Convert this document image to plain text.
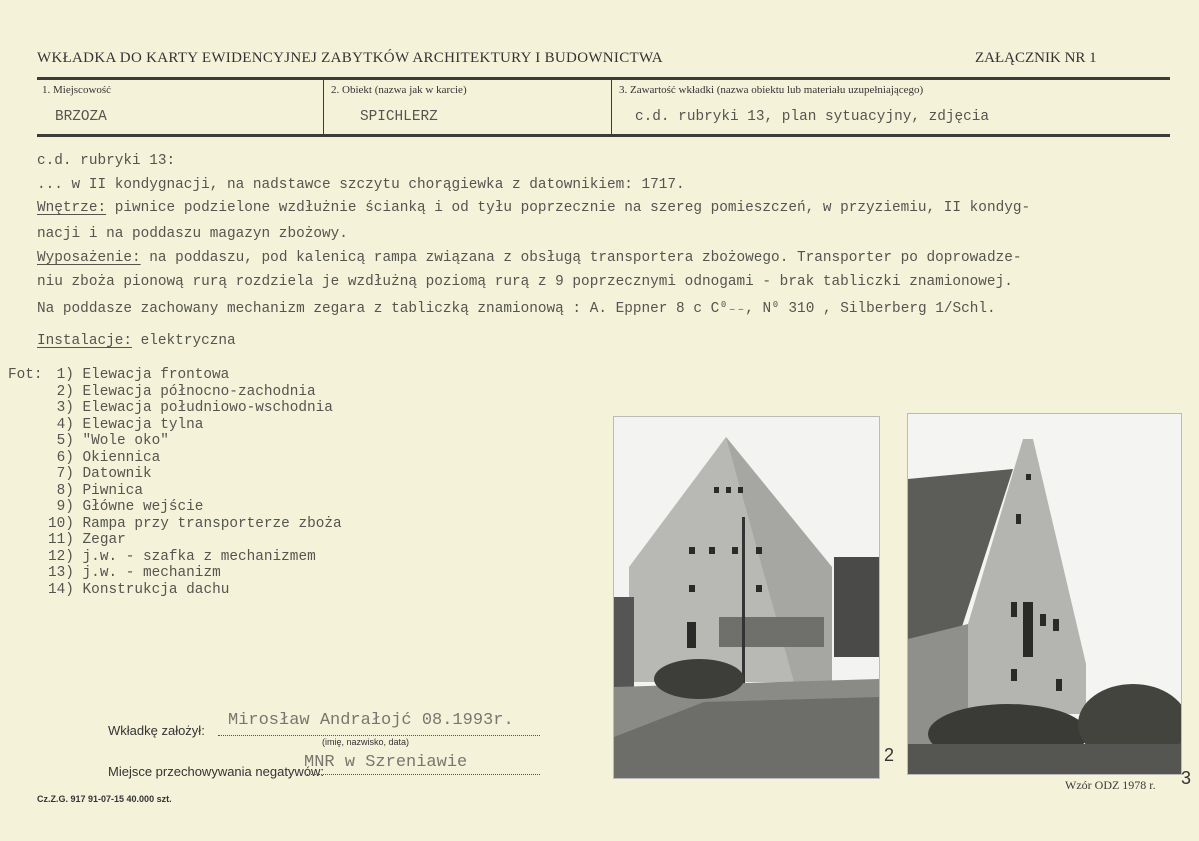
WKŁADKA DO KARTY EWIDENCYJNEJ ZABYTKÓW ARCHITEKTURY I BUDOWNICTWA	ZAŁĄCZNIK NR 1
1. Miejscowość
BRZOZA
2. Obiekt (nazwa jak w karcie)
SPICHLERZ
3. Zawartość wkładki (nazwa obiektu lub materiału uzupełniającego)
c.d. rubryki 13, plan sytuacyjny, zdjęcia
c.d. rubryki 13:
... w II kondygnacji, na nadstawce szczytu chorągiewka z datownikiem: 1717.
Wnętrze: piwnice podzielone wzdłużnie ścianką i od tyłu poprzecznie na szereg pomieszczeń, w przyziemiu, II kondyg-
nacji i na poddaszu magazyn zbożowy.
Wyposażenie: na poddaszu, pod kalenicą rampa związana z obsługą transportera zbożowego. Transporter po doprowadze-
niu zboża pionową rurą rozdziela je wzdłużną poziomą rurą z 9 poprzecznymi odnogami - brak tabliczki znamionowej.
Na poddasze zachowany mechanizm zegara z tabliczką znamionową : A. Eppner 8 c C⁰₋₋, N⁰ 310 , Silberberg 1/Schl.
Instalacje: elektryczna
Fot: 1) Elewacja frontowa
2) Elewacja północno-zachodnia
3) Elewacja południowo-wschodnia
4) Elewacja tylna
5) "Wole oko"
6) Okiennica
7) Datownik
8) Piwnica
9) Główne wejście
10) Rampa przy transporterze zboża
11) Zegar
12) j.w. - szafka z mechanizmem
13) j.w. - mechanizm
14) Konstrukcja dachu
2
3
Wkładkę założył:
Mirosław Andrałojć 08.1993r.
(imię, nazwisko, data)
Miejsce przechowywania negatywów:
MNR w Szreniawie
Cz.Z.G. 917 91-07-15 40.000 szt.
Wzór ODZ 1978 r.
